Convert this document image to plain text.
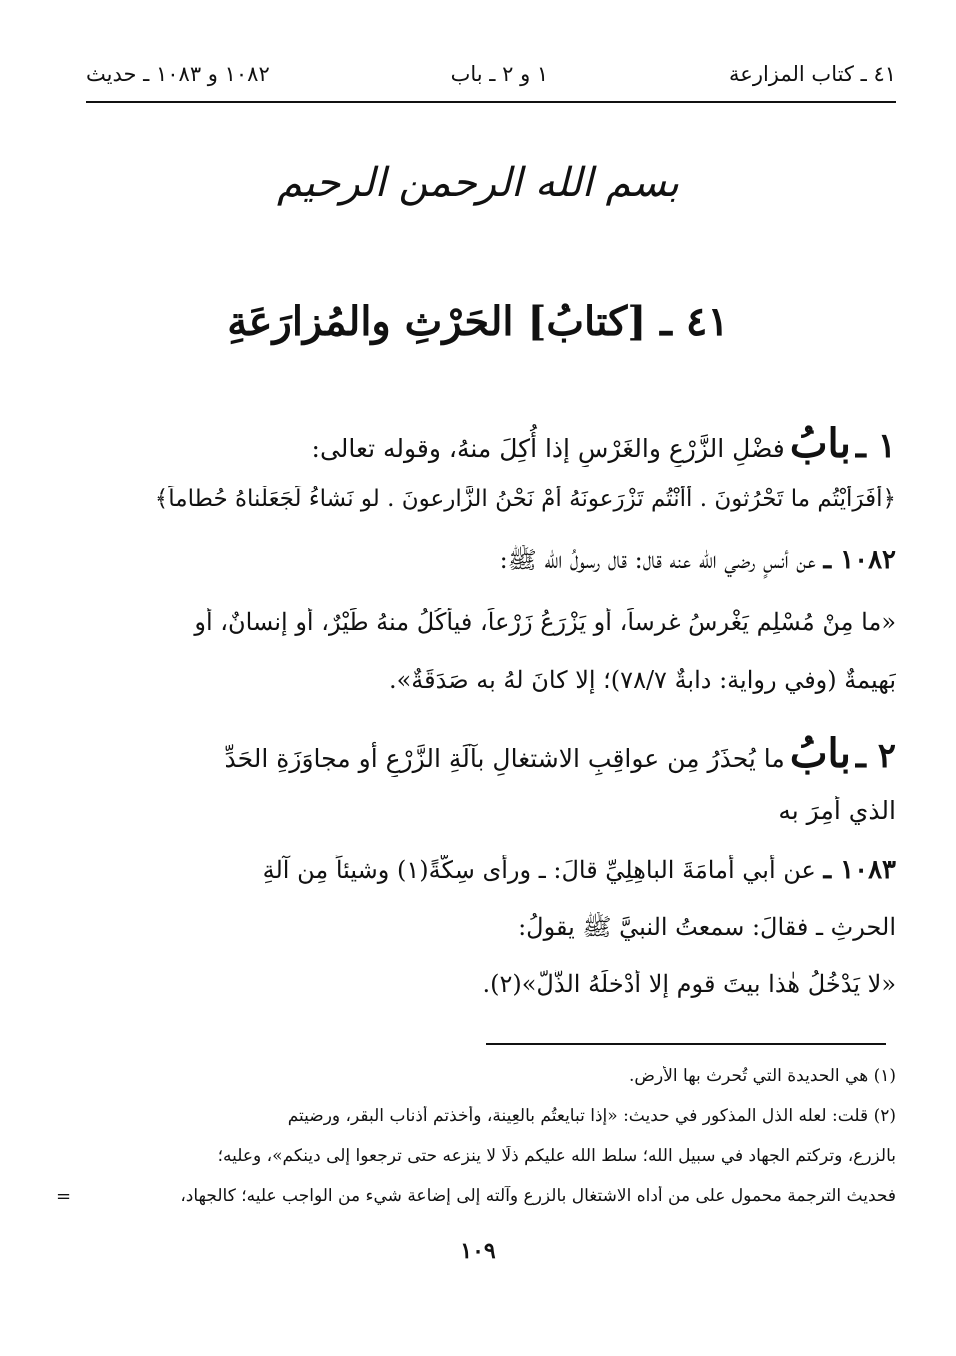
٤١ ـ كتاب المزارعة
١ و ٢ ـ باب
١٠٨٢ و ١٠٨٣ ـ حديث
بسم الله الرحمن الرحيم
٤١ ـ [كتابُ] الحَرْثِ والمُزارَعَةِ
١ ـ بابُ فضْلِ الزَّرْعِ والغَرْسِ إذا أُكِلَ منهُ، وقوله تعالى:
﴿أفَرَأيْتُم ما تَحْرُثونَ . أأنْتُم تَزْرَعونَهُ أمْ نَحْنُ الزَّارِعونَ . لو نَشاءُ لَجَعَلْناهُ حُطاماً﴾
١٠٨٢ ـ عن أنسٍ رضي الله عنه قال: قال رسولُ الله ﷺ:
«ما مِنْ مُسْلِمٍ يَغْرِسُ غرساً، أو يَزْرَعُ زَرْعاً، فيأْكُلُ منهُ طَيْرٌ، أو إنسانٌ، أو
بَهيمةٌ (وفي رواية: دابةٌ ٧٨/٧)؛ إلا كانَ لهُ به صَدَقَةٌ».
٢ ـ بابُ ما يُحذَرُ مِن عواقِبِ الاشتغالِ بآلَةِ الزَّرْعِ أو مجاوَزَةِ الحَدِّ
الذي أُمِرَ به
١٠٨٣ ـ عن أبي أُمامَةَ الباهِلِيِّ قالَ: ـ ورأى سِكَّةً(١) وشيئاً مِن آلةِ
الحرثِ ـ فقالَ: سمعتُ النبيَّ ﷺ يقولُ:
«لا يَدْخُلُ هٰذا بيتَ قومٍ إلا أَدْخلَهُ الذُّلُّ»(٢).
(١) هي الحديدة التي تُحرث بها الأرض.
(٢) قلت: لعله الذل المذكور في حديث: «إذا تبايعتُم بالعِينة، وأخذتم أذناب البقر، ورضيتم
بالزرع، وتركتم الجهاد في سبيل الله؛ سلط الله عليكم ذلًا لا ينزعه حتى ترجعوا إلى دينكم»، وعليه؛
فحديث الترجمة محمول على من أداه الاشتغال بالزرع وآلته إلى إضاعة شيء من الواجب عليه؛ كالجهاد،
=
١٠٩
